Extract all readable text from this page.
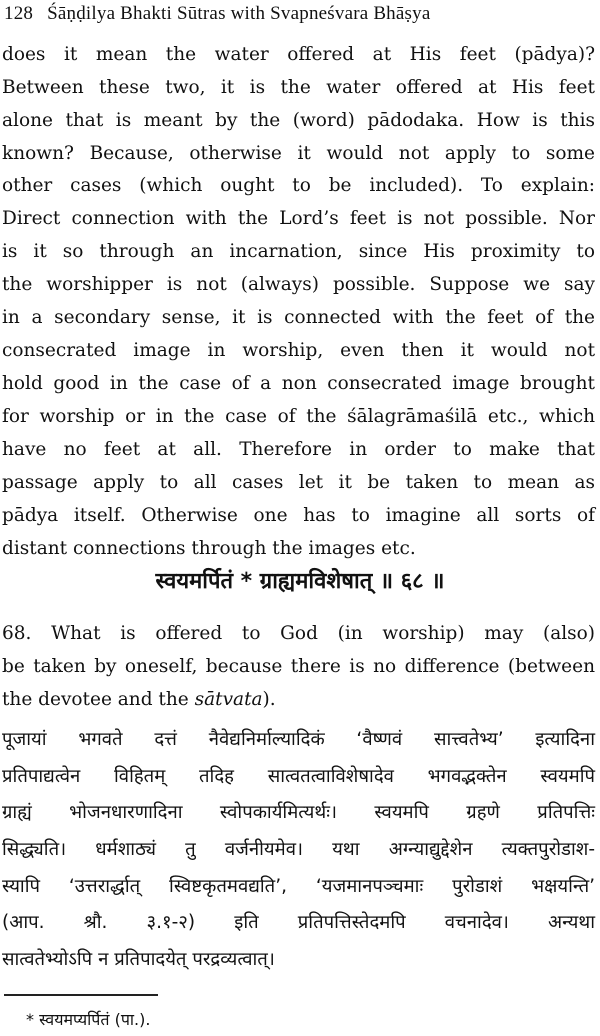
128 Śāṇḍilya Bhakti Sūtras with Svapneśvara Bhāṣya
does it mean the water offered at His feet (pādya)?
Between these two, it is the water offered at His feet
alone that is meant by the (word) pādodaka. How is this
known? Because, otherwise it would not apply to some
other cases (which ought to be included). To explain:
Direct connection with the Lord’s feet is not possible. Nor
is it so through an incarnation, since His proximity to
the worshipper is not (always) possible. Suppose we say
in a secondary sense, it is connected with the feet of the
consecrated image in worship, even then it would not
hold good in the case of a non consecrated image brought
for worship or in the case of the śālagrāmaśilā etc., which
have no feet at all. Therefore in order to make that
passage apply to all cases let it be taken to mean as
pādya itself. Otherwise one has to imagine all sorts of
distant connections through the images etc.
स्वयमर्पितं * ग्राह्यमविशेषात् ॥ ६८ ॥
68. What is offered to God (in worship) may (also)
be taken by oneself, because there is no difference (between
the devotee and the sātvata).
पूजायां भगवते दत्तं नैवेद्यनिर्माल्यादिकं ‘वैष्णवं सात्त्वतेभ्य’ इत्यादिना
प्रतिपाद्यत्वेन विहितम् तदिह सात्वतत्वाविशेषादेव भगवद्भक्तेन स्वयमपि
ग्राह्यं भोजनधारणादिना स्वोपकार्यमित्यर्थः। स्वयमपि ग्रहणे प्रतिपत्तिः
सिद्ध्यति। धर्मशाठ्यं तु वर्जनीयमेव। यथा अग्न्याद्युद्देशेन त्यक्तपुरोडाश-
स्यापि ‘उत्तरार्द्धात् स्विष्टकृतमवद्यति’, ‘यजमानपञ्चमाः पुरोडाशं भक्षयन्ति’
(आप. श्रौ. ३.१-२) इति प्रतिपत्तिस्तेदमपि वचनादेव। अन्यथा
सात्वतेभ्योऽपि न प्रतिपादयेत् परद्रव्यत्वात्।
* स्वयमप्यर्पितं (पा.).
